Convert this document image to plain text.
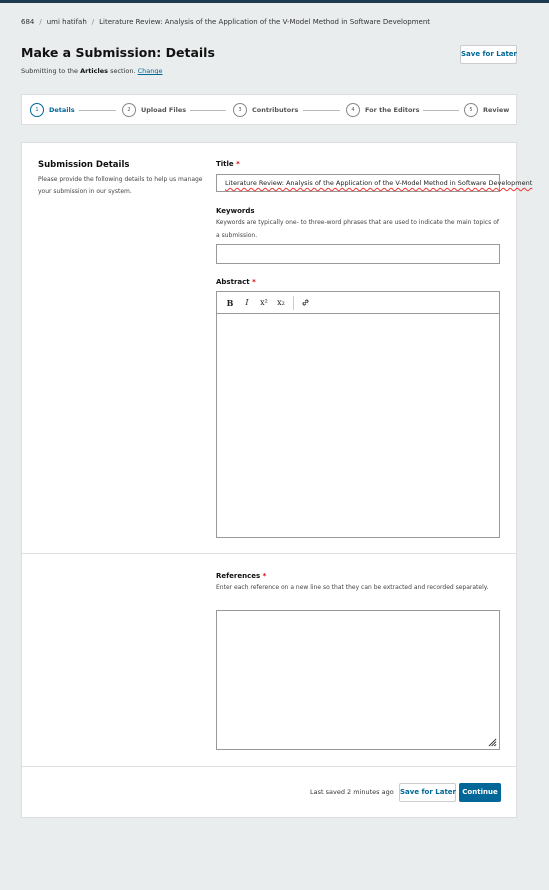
684 / umi hatifah / Literature Review: Analysis of the Application of the V-Model Method in Software Development
Make a Submission: Details
Submitting to the Articles section. Change
Save for Later
1	Details	2	Upload Files	3	Contributors	4	For the Editors	5	Review
Submission Details

Please provide the following details to help us manage your submission in our system.

Title *
Literature Review: Analysis of the Application of the V-Model Method in Software Development
Keywords

Keywords are typically one- to three-word phrases that are used to indicate the main topics of a submission.

Abstract *
B	I	x²	x₂
References *

Enter each reference on a new line so that they can be extracted and recorded separately.

Last saved 2 minutes ago Save for Later Continue
